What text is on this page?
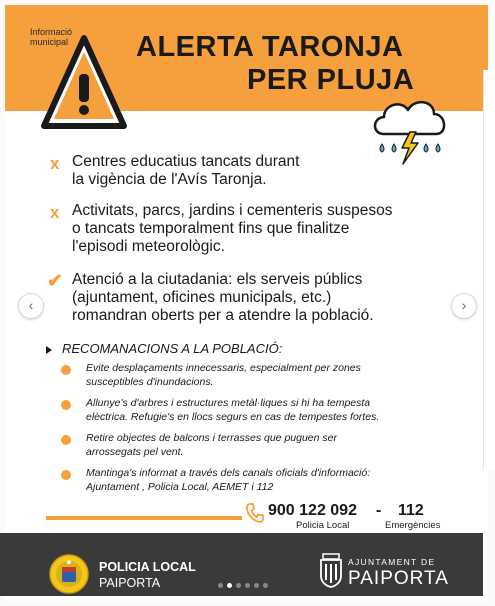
Informació municipal	ALERTA TARONJA
PER PLUJA
x Centres educatius tancats durant
la vigència de l'Avís Taronja.
x Activitats, parcs, jardins i cementeris suspesos
o tancats temporalment fins que finalitze
l'episodi meteorològic.
✔ Atenció a la ciutadania: els serveis públics
(ajuntament, oficines municipals, etc.)
romandran oberts per a atendre la població.
RECOMANACIONS A LA POBLACIÓ:
Evite desplaçaments innecessaris, especialment per zones
susceptibles d'inundacions.
Allunye's d'arbres i estructures metàl·liques si hi ha tempesta
elèctrica. Refugie's en llocs segurs en cas de tempestes fortes.
Retire objectes de balcons i terrasses que puguen ser
arrossegats pel vent.
Mantinga's informat a través dels canals oficials d'informació:
Ajuntament , Policia Local, AEMET i 112
900 122 092 - 112
Policia Local	Emergències
POLICIA LOCAL
PAIPORTA
AJUNTAMENT DE
PAIPORTA
‹	›
